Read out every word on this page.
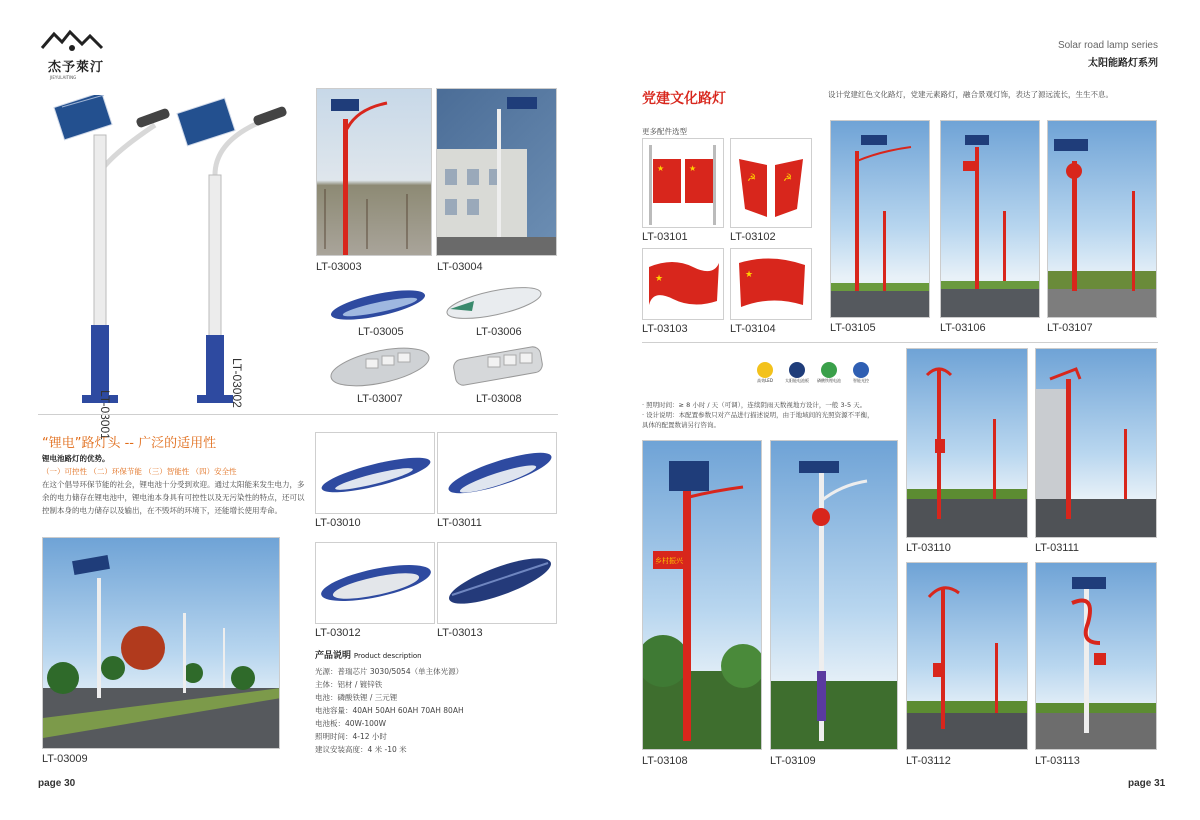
杰予萊汀
JIEYULAITING
LT-03002
LT-03003	LT-03004
LT-03005	LT-03006
LT-03007	LT-03008
“锂电”路灯头 -- 广泛的适用性
锂电池路灯的优势。
（一）可控性 （二）环保节能 （三）智能性 （四）安全性
在这个倡导环保节能的社会，锂电池十分受到欢迎。通过太阳能来发生电力，多余的电力储存在锂电池中，锂电池本身具有可控性以及无污染性的特点，还可以控制本身的电力储存以及输出，在不毁坏的环境下，还能增长使用寿命。
LT-03009
LT-03010	LT-03011
LT-03012	LT-03013
产品说明 Product description
光源：普瑞芯片 3030/5054（单主体光源）
主体：铝材 / 镀锌铁
电池：磷酸铁锂 / 三元锂
电池容量：40AH 50AH 60AH 70AH 80AH
电池板：40W-100W
照明时间：4-12 小时
建议安装高度：4 米 -10 米
page 30
Solar road lamp series
太阳能路灯系列
党建文化路灯	设计党建红色文化路灯，党建元素路灯，融合景观灯饰，表达了源远流长，生生不息。
更多配件选型
★	★
LT-03101
☭	☭
LT-03102
★
LT-03103
★
LT-03104	LT-03105	LT-03106	LT-03107
高效LED	太阳能电池板	磷酸铁锂电池	智能光控
· 照明时间：≥ 8 小时 / 天（可调），连续阴雨天数视地方设计，一般 3-5 天。
· 设计说明：本配置参数只对产品进行描述说明，由于地域间的光照资源不平衡，
具体的配置数请另行咨询。
乡村振兴
LT-03108	LT-03109
LT-03110	LT-03111
LT-03112	LT-03113
page 31
